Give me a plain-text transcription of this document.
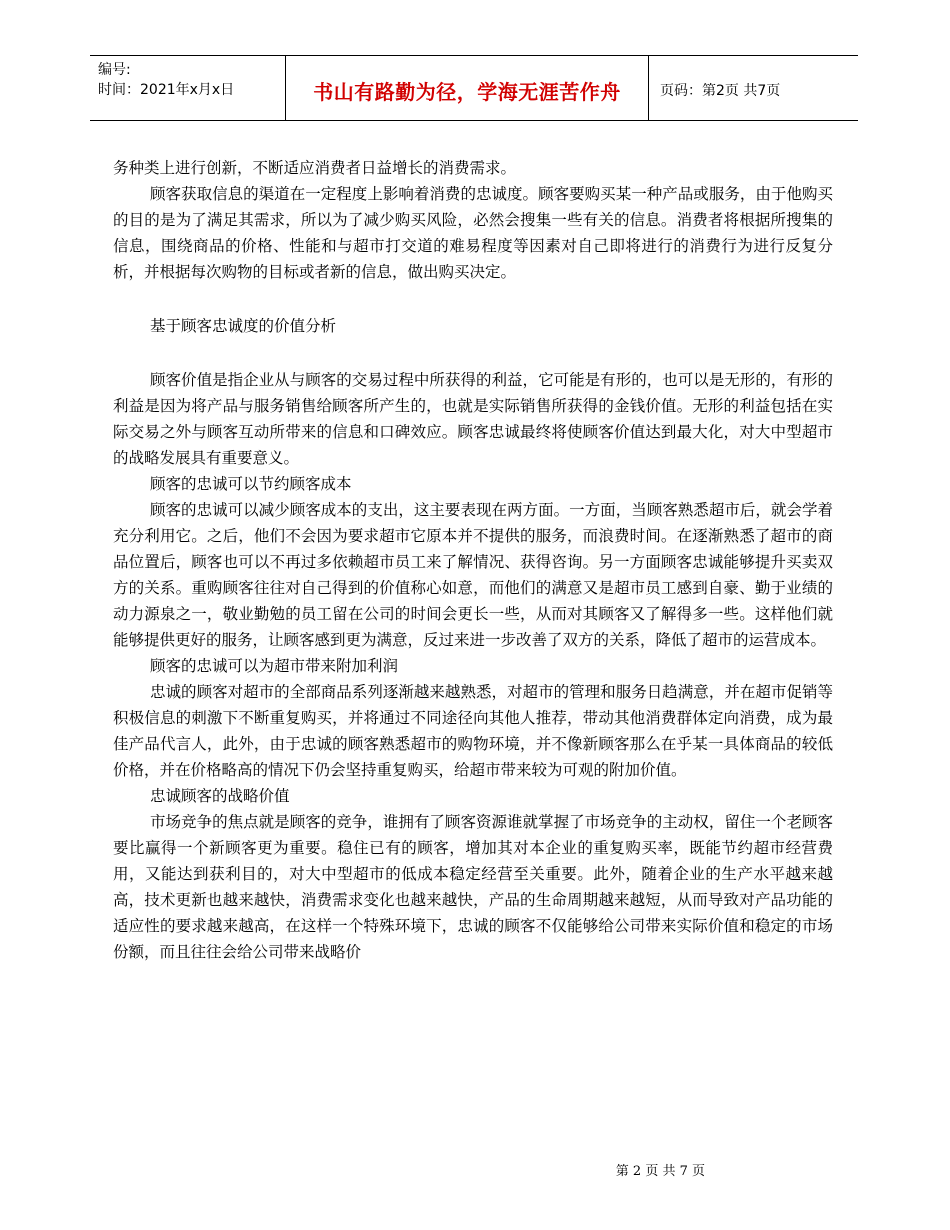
编号:
时间：2021年x月x日	书山有路勤为径，学海无涯苦作舟	页码：第2页 共7页

务种类上进行创新，不断适应消费者日益增长的消费需求。

顾客获取信息的渠道在一定程度上影响着消费的忠诚度。顾客要购买某一种产品或服务，由于他购买的目的是为了满足其需求，所以为了减少购买风险，必然会搜集一些有关的信息。消费者将根据所搜集的信息，围绕商品的价格、性能和与超市打交道的难易程度等因素对自己即将进行的消费行为进行反复分析，并根据每次购物的目标或者新的信息，做出购买决定。

基于顾客忠诚度的价值分析

顾客价值是指企业从与顾客的交易过程中所获得的利益，它可能是有形的，也可以是无形的，有形的利益是因为将产品与服务销售给顾客所产生的，也就是实际销售所获得的金钱价值。无形的利益包括在实际交易之外与顾客互动所带来的信息和口碑效应。顾客忠诚最终将使顾客价值达到最大化，对大中型超市的战略发展具有重要意义。

顾客的忠诚可以节约顾客成本

顾客的忠诚可以减少顾客成本的支出，这主要表现在两方面。一方面，当顾客熟悉超市后，就会学着充分利用它。之后，他们不会因为要求超市它原本并不提供的服务，而浪费时间。在逐渐熟悉了超市的商品位置后，顾客也可以不再过多依赖超市员工来了解情况、获得咨询。另一方面顾客忠诚能够提升买卖双方的关系。重购顾客往往对自己得到的价值称心如意，而他们的满意又是超市员工感到自豪、勤于业绩的动力源泉之一，敬业勤勉的员工留在公司的时间会更长一些，从而对其顾客又了解得多一些。这样他们就能够提供更好的服务，让顾客感到更为满意，反过来进一步改善了双方的关系，降低了超市的运营成本。

顾客的忠诚可以为超市带来附加利润

忠诚的顾客对超市的全部商品系列逐渐越来越熟悉，对超市的管理和服务日趋满意，并在超市促销等积极信息的刺激下不断重复购买，并将通过不同途径向其他人推荐，带动其他消费群体定向消费，成为最佳产品代言人，此外，由于忠诚的顾客熟悉超市的购物环境，并不像新顾客那么在乎某一具体商品的较低价格，并在价格略高的情况下仍会坚持重复购买，给超市带来较为可观的附加价值。

忠诚顾客的战略价值

市场竞争的焦点就是顾客的竞争，谁拥有了顾客资源谁就掌握了市场竞争的主动权，留住一个老顾客要比赢得一个新顾客更为重要。稳住已有的顾客，增加其对本企业的重复购买率，既能节约超市经营费用，又能达到获利目的，对大中型超市的低成本稳定经营至关重要。此外，随着企业的生产水平越来越高，技术更新也越来越快，消费需求变化也越来越快，产品的生命周期越来越短，从而导致对产品功能的适应性的要求越来越高，在这样一个特殊环境下，忠诚的顾客不仅能够给公司带来实际价值和稳定的市场份额，而且往往会给公司带来战略价

第 2 页 共 7 页
